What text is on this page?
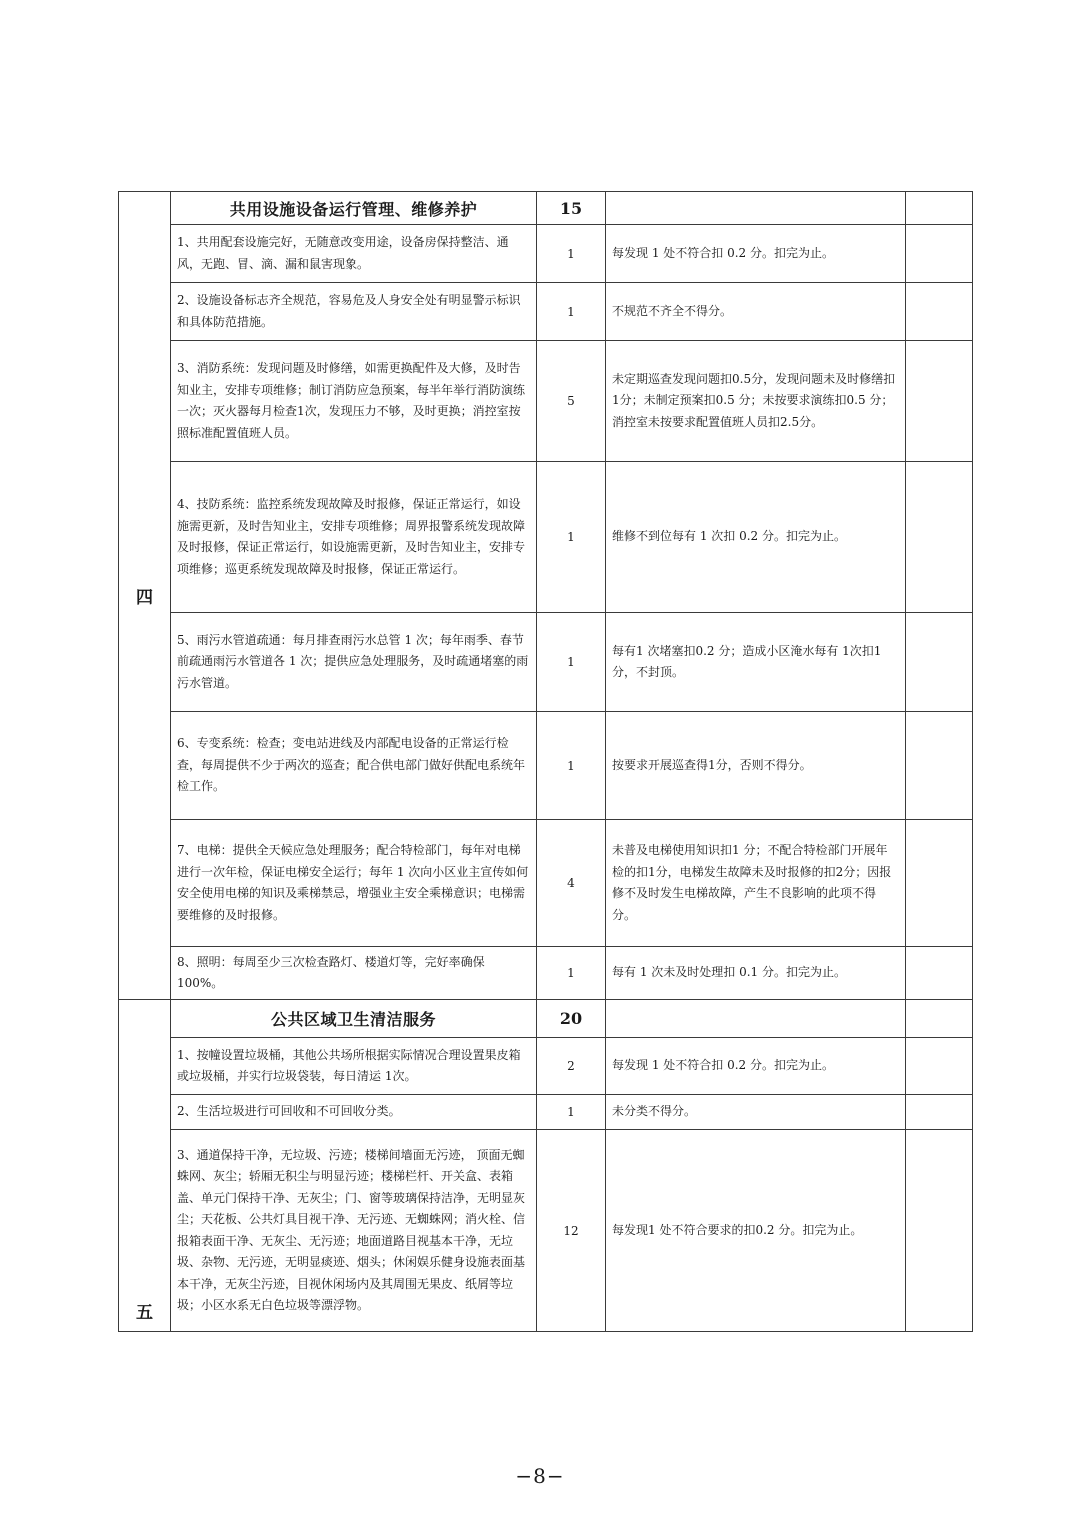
四	共用设施设备运行管理、维修养护	15		
	1、共用配套设施完好，无随意改变用途，设备房保持整洁、通风，无跑、冒、滴、漏和鼠害现象。	1	每发现 1 处不符合扣 0.2 分。扣完为止。	
	2、设施设备标志齐全规范，容易危及人身安全处有明显警示标识和具体防范措施。	1	不规范不齐全不得分。	
	3、消防系统：发现问题及时修缮，如需更换配件及大修，及时告知业主，安排专项维修；制订消防应急预案，每半年举行消防演练一次；灭火器每月检查1次，发现压力不够，及时更换；消控室按照标准配置值班人员。	5	未定期巡查发现问题扣0.5分，发现问题未及时修缮扣1分；未制定预案扣0.5 分；未按要求演练扣0.5 分；消控室未按要求配置值班人员扣2.5分。	
	4、技防系统：监控系统发现故障及时报修，保证正常运行，如设施需更新，及时告知业主，安排专项维修；周界报警系统发现故障及时报修，保证正常运行，如设施需更新，及时告知业主，安排专项维修；巡更系统发现故障及时报修，保证正常运行。	1	维修不到位每有 1 次扣 0.2 分。扣完为止。	
	5、雨污水管道疏通：每月排查雨污水总管 1 次；每年雨季、春节前疏通雨污水管道各 1 次；提供应急处理服务，及时疏通堵塞的雨污水管道。	1	每有1 次堵塞扣0.2 分；造成小区淹水每有 1次扣1分，不封顶。	
	6、专变系统：检查；变电站进线及内部配电设备的正常运行检查，每周提供不少于两次的巡查；配合供电部门做好供配电系统年检工作。	1	按要求开展巡查得1分，否则不得分。	
	7、电梯：提供全天候应急处理服务；配合特检部门，每年对电梯进行一次年检，保证电梯安全运行；每年 1 次向小区业主宣传如何安全使用电梯的知识及乘梯禁忌，增强业主安全乘梯意识；电梯需要维修的及时报修。	4	未普及电梯使用知识扣1 分；不配合特检部门开展年检的扣1分，电梯发生故障未及时报修的扣2分；因报修不及时发生电梯故障，产生不良影响的此项不得分。	
	8、照明：每周至少三次检查路灯、楼道灯等，完好率确保100%。	1	每有 1 次未及时处理扣 0.1 分。扣完为止。	
五	公共区域卫生清洁服务	20		
	1、按幢设置垃圾桶，其他公共场所根据实际情况合理设置果皮箱或垃圾桶，并实行垃圾袋装，每日清运 1次。	2	每发现 1 处不符合扣 0.2 分。扣完为止。	
	2、生活垃圾进行可回收和不可回收分类。	1	未分类不得分。	
	3、通道保持干净，无垃圾、污迹；楼梯间墙面无污迹， 顶面无蜘蛛网、灰尘；轿厢无积尘与明显污迹；楼梯栏杆、开关盒、表箱盖、单元门保持干净、无灰尘；门、窗等玻璃保持洁净，无明显灰尘；天花板、公共灯具目视干净、无污迹、无蜘蛛网；消火栓、信报箱表面干净、无灰尘、无污迹；地面道路目视基本干净，无垃圾、杂物、无污迹，无明显痰迹、烟头；休闲娱乐健身设施表面基本干净，无灰尘污迹，目视休闲场内及其周围无果皮、纸屑等垃圾；小区水系无白色垃圾等漂浮物。	12	每发现1 处不符合要求的扣0.2 分。扣完为止。	
−8−
